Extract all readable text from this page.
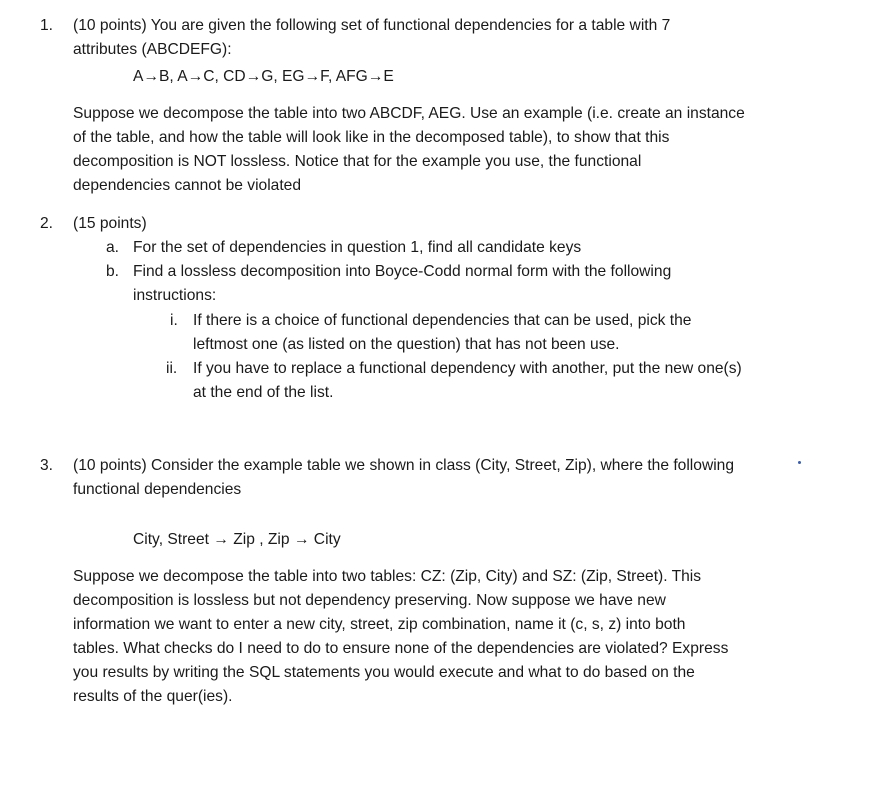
1. (10 points) You are given the following set of functional dependencies for a table with 7
attributes (ABCDEFG):
A→B, A→C, CD→G, EG→F, AFG→E
Suppose we decompose the table into two ABCDF, AEG. Use an example (i.e. create an instance
of the table, and how the table will look like in the decomposed table), to show that this
decomposition is NOT lossless. Notice that for the example you use, the functional
dependencies cannot be violated
2. (15 points)
a. For the set of dependencies in question 1, find all candidate keys
b. Find a lossless decomposition into Boyce-Codd normal form with the following
instructions:
i. If there is a choice of functional dependencies that can be used, pick the
leftmost one (as listed on the question) that has not been use.
ii. If you have to replace a functional dependency with another, put the new one(s)
at the end of the list.
3. (10 points) Consider the example table we shown in class (City, Street, Zip), where the following
functional dependencies
City, Street → Zip , Zip → City
Suppose we decompose the table into two tables: CZ: (Zip, City) and SZ: (Zip, Street). This
decomposition is lossless but not dependency preserving. Now suppose we have new
information we want to enter a new city, street, zip combination, name it (c, s, z) into both
tables. What checks do I need to do to ensure none of the dependencies are violated? Express
you results by writing the SQL statements you would execute and what to do based on the
results of the quer(ies).
